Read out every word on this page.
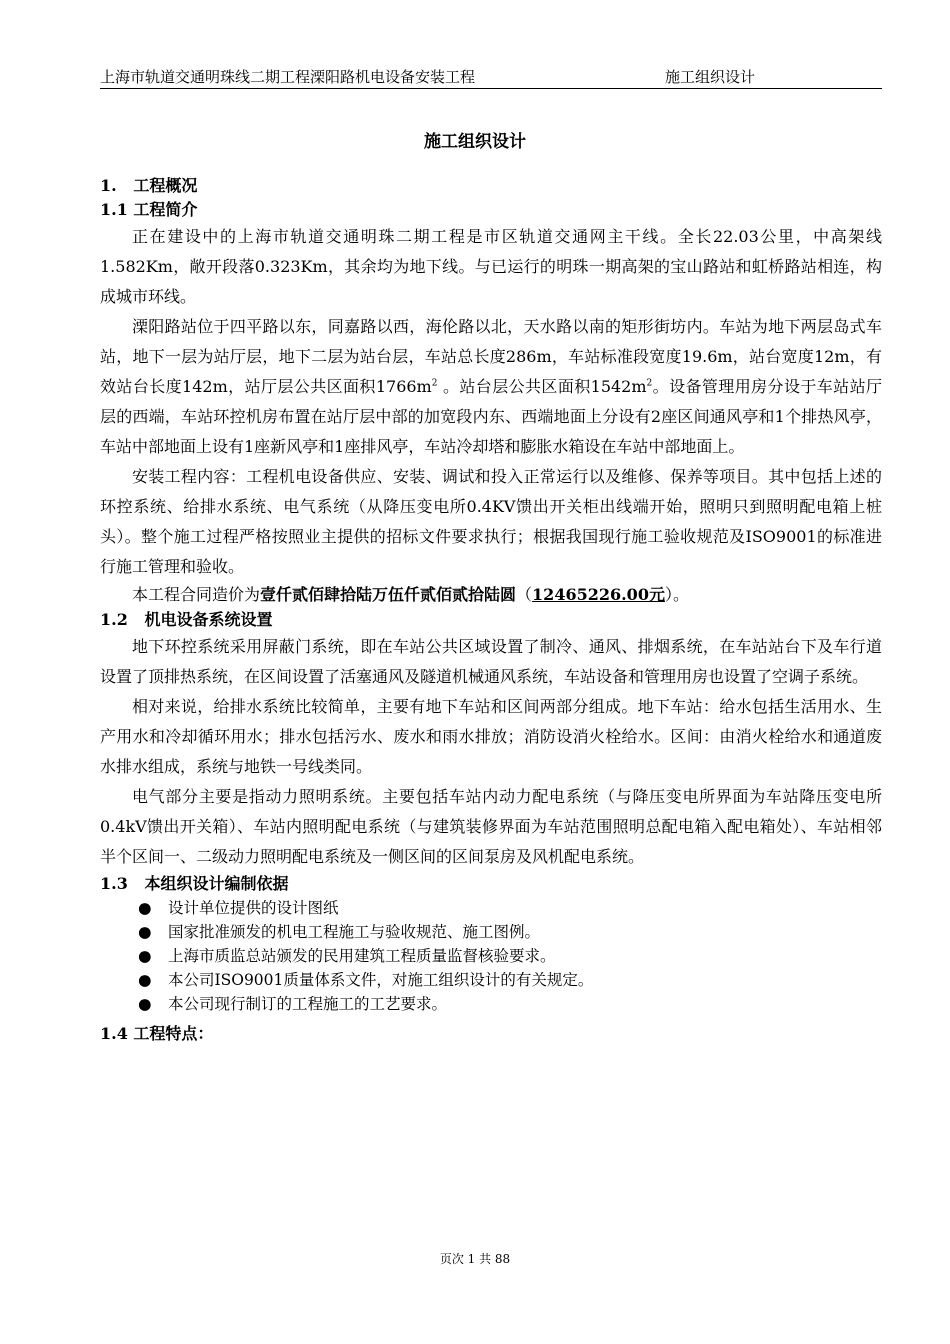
上海市轨道交通明珠线二期工程溧阳路机电设备安装工程	施工组织设计
施工组织设计
1.   工程概况
1.1 工程简介

正在建设中的上海市轨道交通明珠二期工程是市区轨道交通网主干线。全长22.03公里，中高架线1.582Km，敞开段落0.323Km，其余均为地下线。与已运行的明珠一期高架的宝山路站和虹桥路站相连，构成城市环线。

溧阳路站位于四平路以东，同嘉路以西，海伦路以北，天水路以南的矩形街坊内。车站为地下两层岛式车站，地下一层为站厅层，地下二层为站台层，车站总长度286m，车站标准段宽度19.6m，站台宽度12m，有效站台长度142m，站厅层公共区面积$1766m^2$ 。站台层公共区面积$1542m^2$。设备管理用房分设于车站站厅层的西端，车站环控机房布置在站厅层中部的加宽段内东、西端地面上分设有2座区间通风亭和1个排热风亭，车站中部地面上设有1座新风亭和1座排风亭，车站冷却塔和膨胀水箱设在车站中部地面上。

安装工程内容：工程机电设备供应、安装、调试和投入正常运行以及维修、保养等项目。其中包括上述的环控系统、给排水系统、电气系统（从降压变电所0.4KV馈出开关柜出线端开始，照明只到照明配电箱上桩头）。整个施工过程严格按照业主提供的招标文件要求执行；根据我国现行施工验收规范及ISO9001的标准进行施工管理和验收。

本工程合同造价为壹仟贰佰肆拾陆万伍仟贰佰贰拾陆圆（12465226.00元）。

1.2   机电设备系统设置

地下环控系统采用屏蔽门系统，即在车站公共区域设置了制冷、通风、排烟系统，在车站站台下及车行道设置了顶排热系统，在区间设置了活塞通风及隧道机械通风系统，车站设备和管理用房也设置了空调子系统。

相对来说，给排水系统比较简单，主要有地下车站和区间两部分组成。地下车站：给水包括生活用水、生产用水和冷却循环用水；排水包括污水、废水和雨水排放；消防设消火栓给水。区间：由消火栓给水和通道废水排水组成，系统与地铁一号线类同。

电气部分主要是指动力照明系统。主要包括车站内动力配电系统（与降压变电所界面为车站降压变电所0.4kV馈出开关箱）、车站内照明配电系统（与建筑装修界面为车站范围照明总配电箱入配电箱处）、车站相邻半个区间一、二级动力照明配电系统及一侧区间的区间泵房及风机配电系统。

1.3   本组织设计编制依据
● 设计单位提供的设计图纸
● 国家批准颁发的机电工程施工与验收规范、施工图例。
● 上海市质监总站颁发的民用建筑工程质量监督核验要求。
● 本公司ISO9001质量体系文件，对施工组织设计的有关规定。
● 本公司现行制订的工程施工的工艺要求。
1.4 工程特点：
页次 1 共 88
